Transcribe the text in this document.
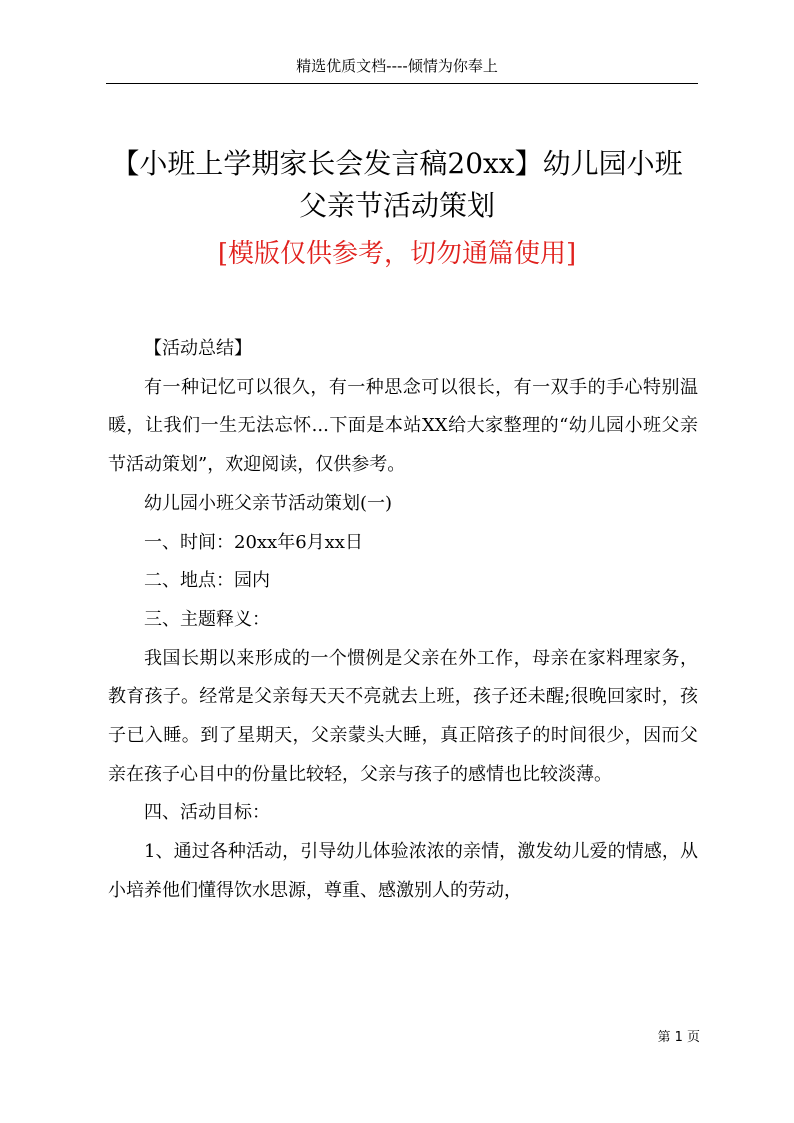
精选优质文档----倾情为你奉上
【小班上学期家长会发言稿20xx】幼儿园小班
父亲节活动策划
[模版仅供参考，切勿通篇使用]

【活动总结】

有一种记忆可以很久，有一种思念可以很长，有一双手的手心特别温暖，让我们一生无法忘怀...下面是本站XX给大家整理的“幼儿园小班父亲节活动策划”，欢迎阅读，仅供参考。

幼儿园小班父亲节活动策划(一)

一、时间：20xx年6月xx日

二、地点：园内

三、主题释义：

我国长期以来形成的一个惯例是父亲在外工作，母亲在家料理家务，教育孩子。经常是父亲每天天不亮就去上班，孩子还未醒;很晚回家时，孩子已入睡。到了星期天，父亲蒙头大睡，真正陪孩子的时间很少，因而父亲在孩子心目中的份量比较轻，父亲与孩子的感情也比较淡薄。

四、活动目标：

1、通过各种活动，引导幼儿体验浓浓的亲情，激发幼儿爱的情感，从小培养他们懂得饮水思源，尊重、感激别人的劳动，

第 1 页
